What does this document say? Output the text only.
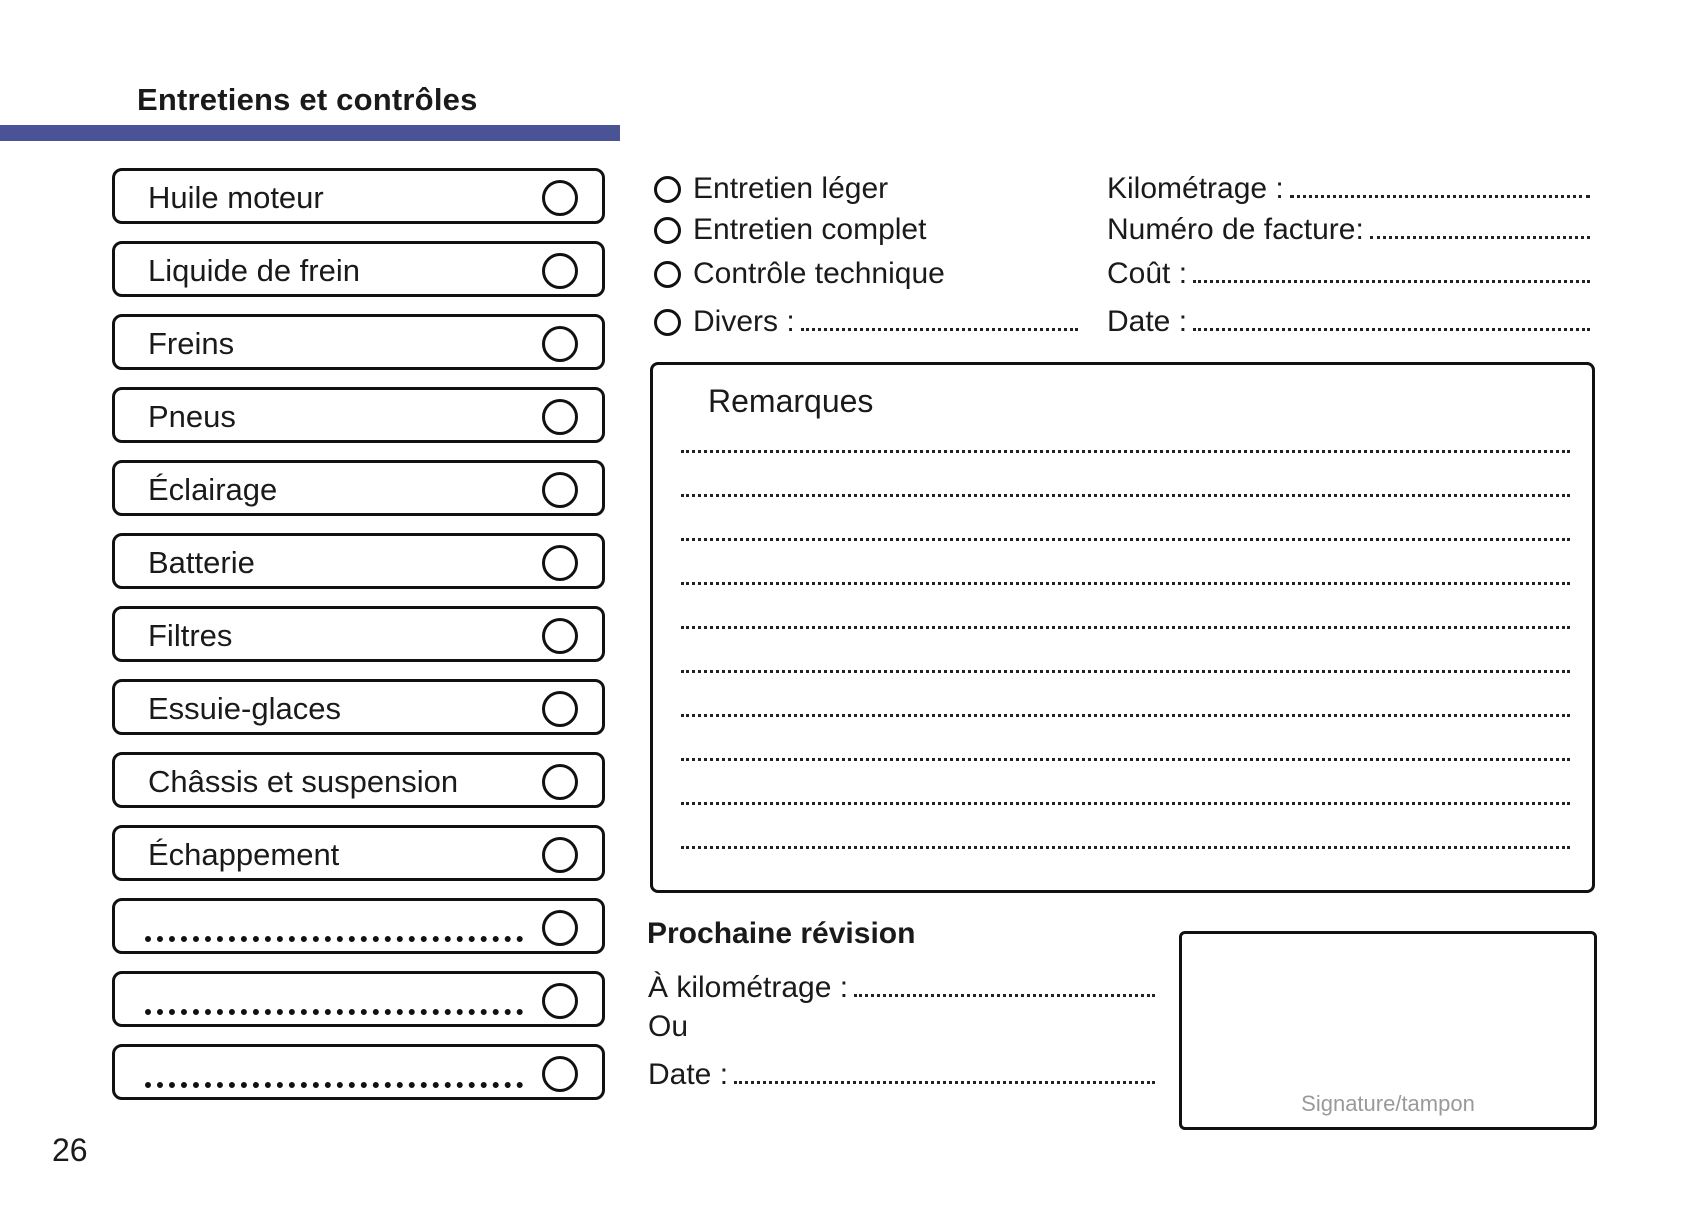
Entretiens et contrôles
Huile moteur
Liquide de frein
Freins
Pneus
Éclairage
Batterie
Filtres
Essuie-glaces
Châssis et suspension
Échappement
Entretien léger
Entretien complet
Contrôle technique
Divers :
Kilométrage :
Numéro de facture:
Coût :
Date :
Remarques
Prochaine révision
À kilométrage :
Ou
Date :
Signature/tampon
26
